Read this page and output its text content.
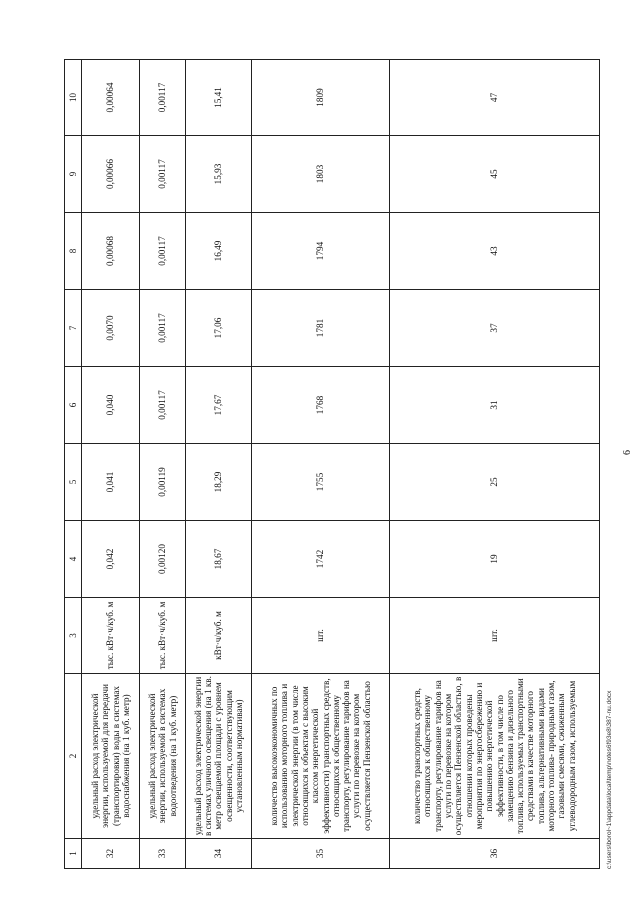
1	2	3	4	5	6	7	8	9	10
32	удельный расход электрической энергии, используемой для передачи (транспортировки) воды в системах водоснабжения (на 1 куб. метр)	тыс. кВт·ч/куб. м	0,042	0,041	0,040	0,0070	0,00068	0,00066	0,00064
33	удельный расход электрической энергии, используемой в системах водоотведения (на 1 куб. метр)	тыс. кВт·ч/куб. м	0,00120	0,00119	0,00117	0,00117	0,00117	0,00117	0,00117
34	удельный расход электрической энергии в системах уличного освещения (на 1 кв. метр освещаемой площади с уровнем освещенности, соответствующим установленным нормативам)	кВт·ч/куб. м	18,67	18,29	17,67	17,06	16,49	15,93	15,41
35	количество высокоэкономичных по использованию моторного топлива и электрической энергии (в том числе относящихся к объектам с высоким классом энергетической эффективности) транспортных средств, относящихся к общественному транспорту, регулирование тарифов на услуги по перевозке на котором осуществляется Пензенской областью	шт.	1742	1755	1768	1781	1794	1803	1809
36	количество транспортных средств, относящихся к общественному транспорту, регулирование тарифов на услуги по перевозке на котором осуществляется Пензенской областью, в отношении которых проведены мероприятия по энергосбережению и повышению энергетической эффективности, в том числе по замещению бензина и дизельного топлива, используемых транспортными средствами в качестве моторного топлива, альтернативными видами моторного топлива- природным газом, газовыми смесями, сжиженным углеводородным газом, используемым	шт.	19	25	31	37	43	45	47
6
c:\users\borol~1\appdata\local\temp\notes6f93e8\387-nu.docx
